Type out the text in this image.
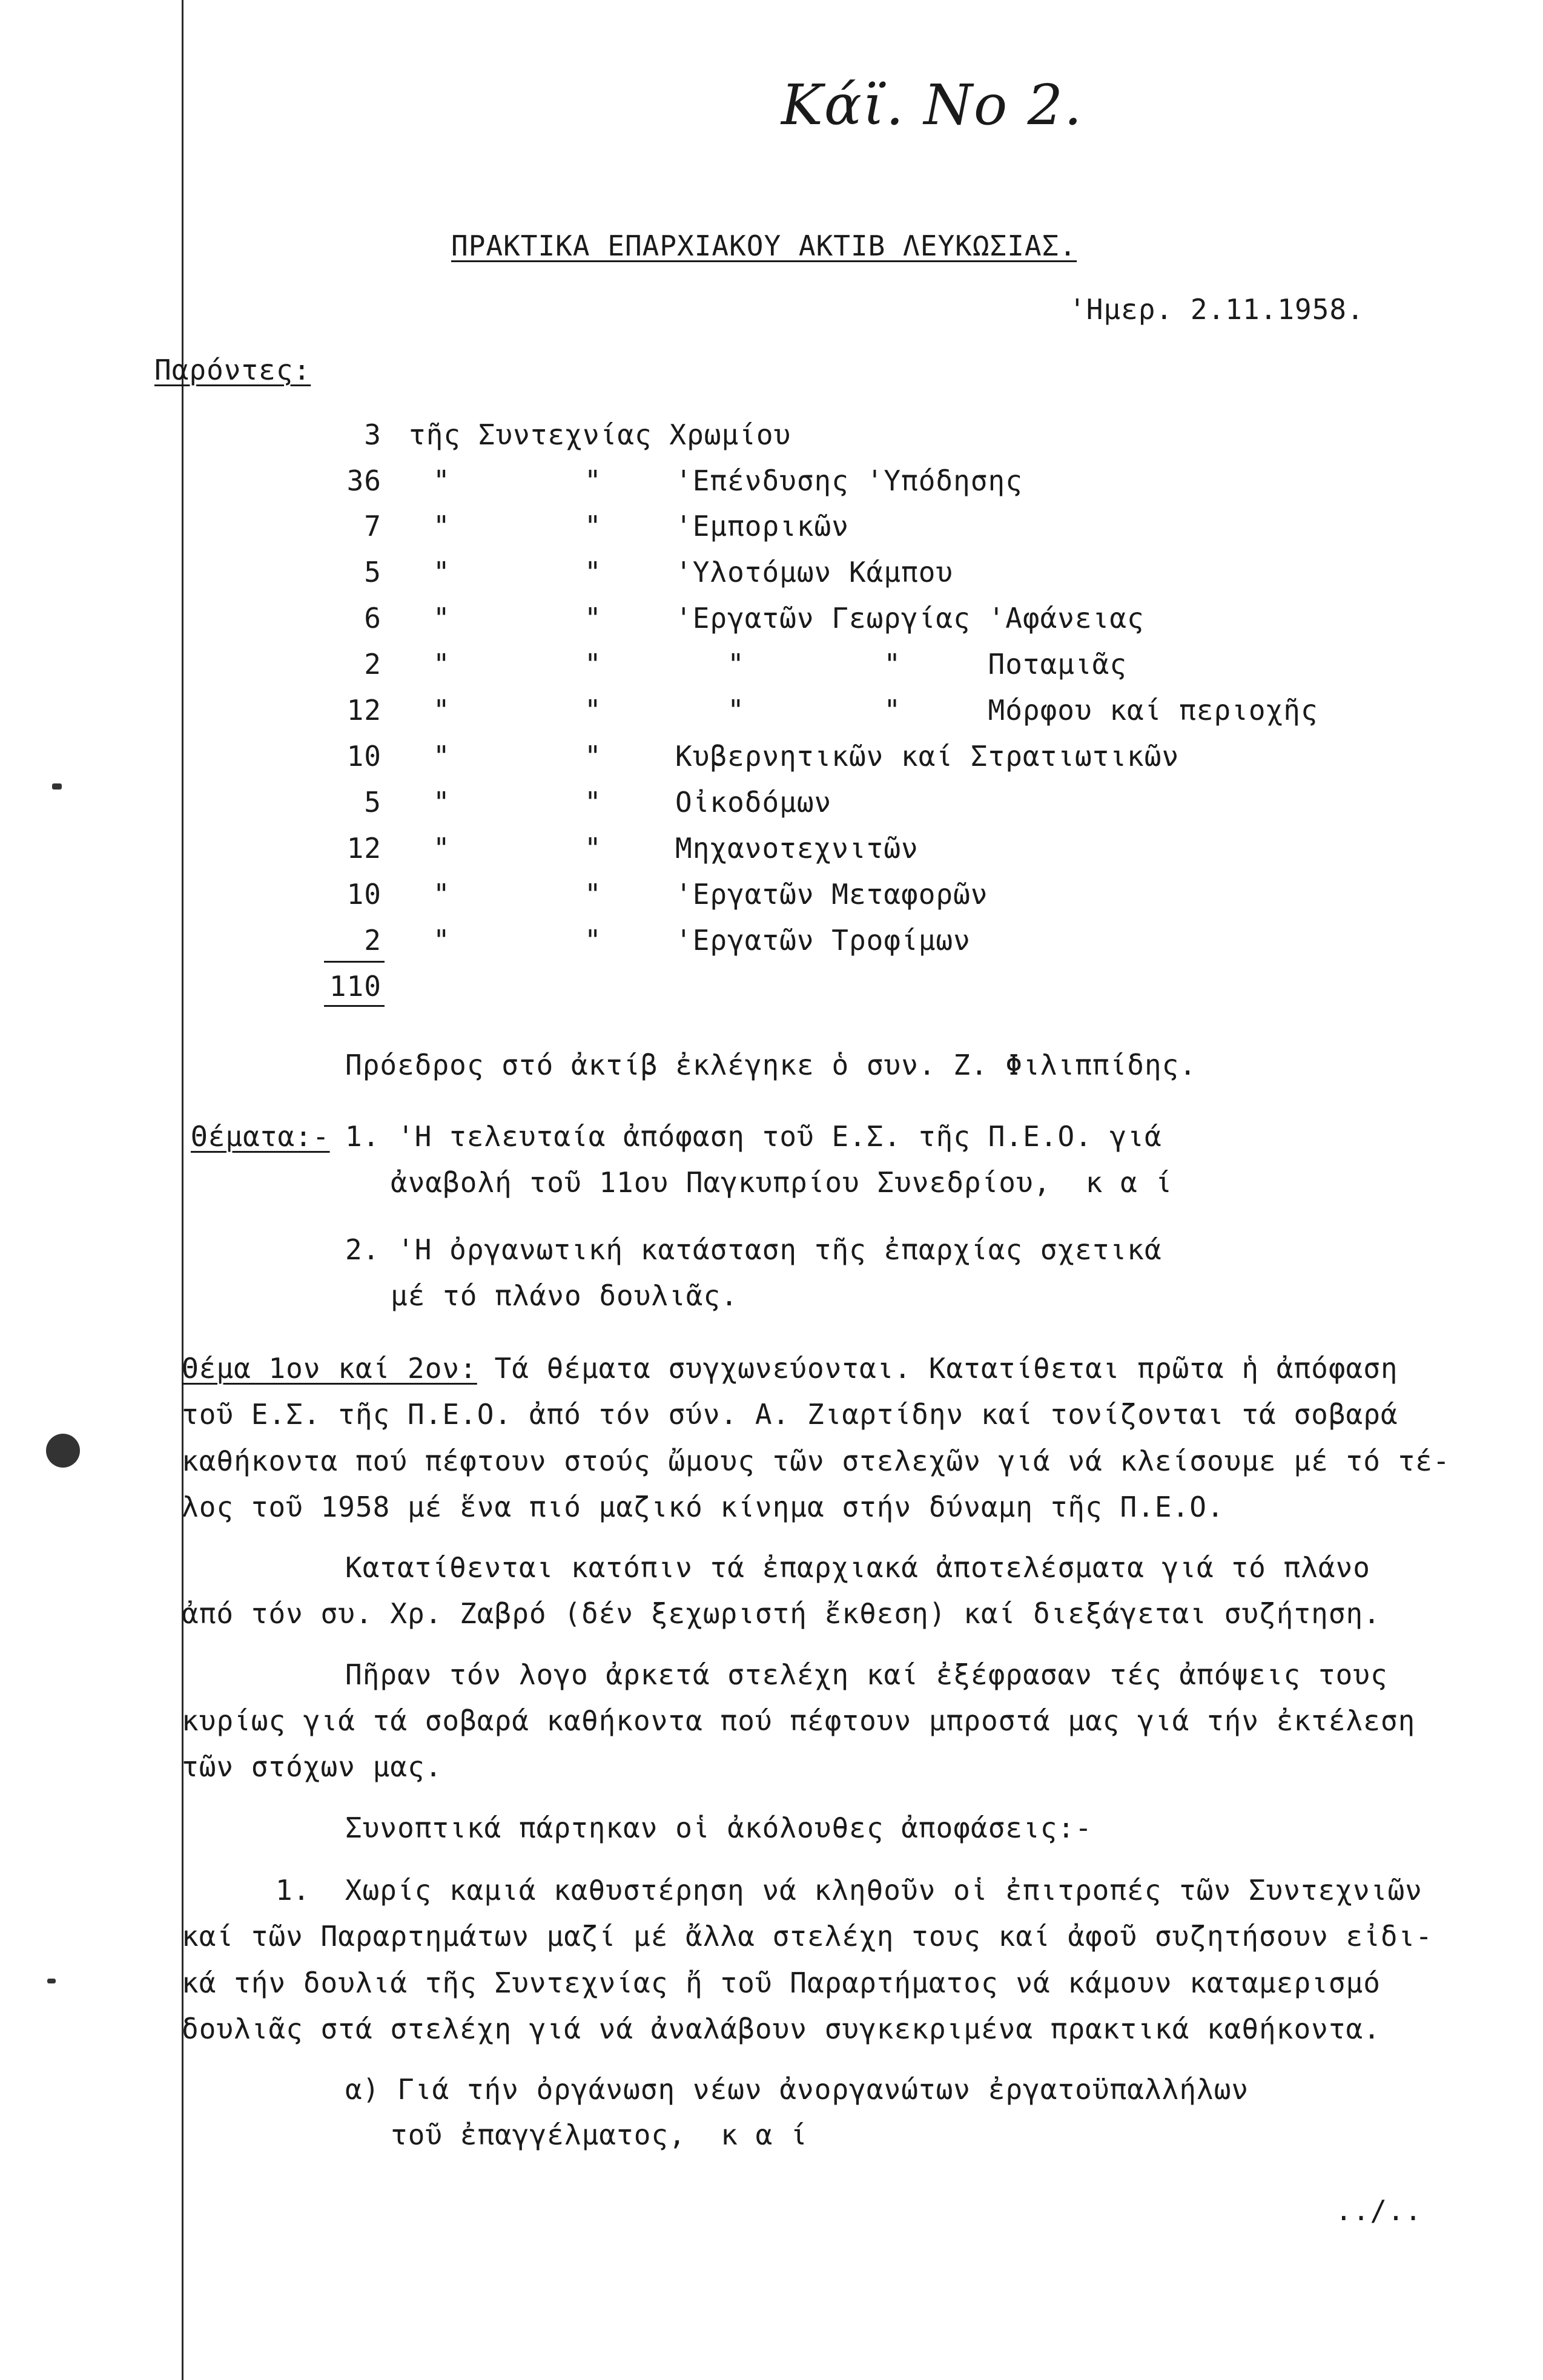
Κάϊ. Νο 2.
ΠΡΑΚΤΙΚΑ ΕΠΑΡΧΙΑΚΟΥ ΑΚΤΙΒ ΛΕΥΚΩΣΙΑΣ.
'Ημερ. 2.11.1958.
Παρόντες:
3 τῆς Συντεχνίας Χρωμίου
36 "	"	'Επένδυσης 'Υπόδησης
7 "	"	'Εμπορικῶν
5 "	"	'Υλοτόμων Κάμπου
6 "	"	'Εργατῶν Γεωργίας 'Αφάνειας
2 "	"	"        "     Ποταμιᾶς
12 "	"	"        "     Μόρφου καί περιοχῆς
10 "	"	Κυβερνητικῶν καί Στρατιωτικῶν
5 "	"	Οἰκοδόμων
12 "	"	Μηχανοτεχνιτῶν
10 "	"	'Εργατῶν Μεταφορῶν
2 "	"	'Εργατῶν Τροφίμων
110
Πρόεδρος στό ἀκτίβ ἐκλέγηκε ὁ συν. Ζ. Φιλιππίδης.
Θέματα:- 1. 'Η τελευταία ἀπόφαση τοῦ Ε.Σ. τῆς Π.Ε.Ο. γιά
ἀναβολή τοῦ 11ου Παγκυπρίου Συνεδρίου,  κ α ί
2. 'Η ὀργανωτική κατάσταση τῆς ἐπαρχίας σχετικά
μέ τό πλάνο δουλιᾶς.
Θέμα 1ον καί 2ον: Τά θέματα συγχωνεύονται. Κατατίθεται πρῶτα ἡ ἀπόφαση
τοῦ Ε.Σ. τῆς Π.Ε.Ο. ἀπό τόν σύν. Α. Ζιαρτίδην καί τονίζονται τά σοβαρά
καθήκοντα πού πέφτουν στούς ὤμους τῶν στελεχῶν γιά νά κλείσουμε μέ τό τέ-
λος τοῦ 1958 μέ ἕνα πιό μαζικό κίνημα στήν δύναμη τῆς Π.Ε.Ο.
Κατατίθενται κατόπιν τά ἐπαρχιακά ἀποτελέσματα γιά τό πλάνο
ἀπό τόν συ. Χρ. Ζαβρό (δέν ξεχωριστή ἔκθεση) καί διεξάγεται συζήτηση.
Πῆραν τόν λογο ἀρκετά στελέχη καί ἐξέφρασαν τές ἀπόψεις τους
κυρίως γιά τά σοβαρά καθήκοντα πού πέφτουν μπροστά μας γιά τήν ἐκτέλεση
τῶν στόχων μας.
Συνοπτικά πάρτηκαν οἱ ἀκόλουθες ἀποφάσεις:-
1.  Χωρίς καμιά καθυστέρηση νά κληθοῦν οἱ ἐπιτροπές τῶν Συντεχνιῶν
καί τῶν Παραρτημάτων μαζί μέ ἄλλα στελέχη τους καί ἀφοῦ συζητήσουν εἰδι-
κά τήν δουλιά τῆς Συντεχνίας ἤ τοῦ Παραρτήματος νά κάμουν καταμερισμό
δουλιᾶς στά στελέχη γιά νά ἀναλάβουν συγκεκριμένα πρακτικά καθήκοντα.
α) Γιά τήν ὀργάνωση νέων ἀνοργανώτων ἐργατοϋπαλλήλων
τοῦ ἐπαγγέλματος,  κ α ί
../..
